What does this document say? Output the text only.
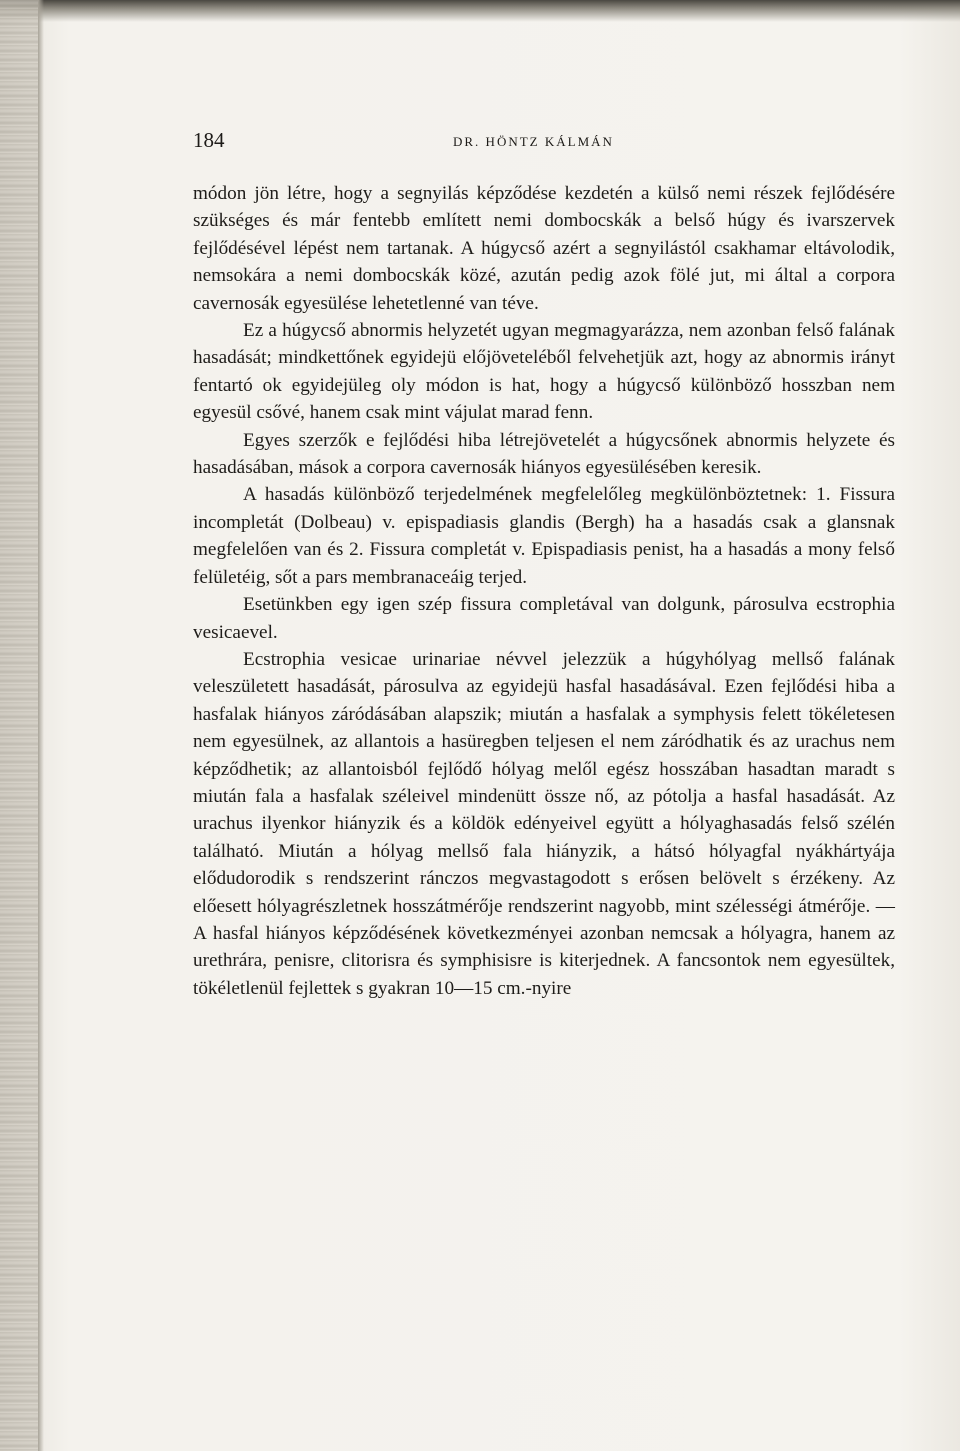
184	DR. HÖNTZ KÁLMÁN

módon jön létre, hogy a segnyilás képződése kezdetén a külső nemi részek fejlődésére szükséges és már fentebb említett nemi dombocskák a belső húgy és ivarszervek fejlődésével lépést nem tartanak. A húgycső azért a segnyilástól csakhamar eltávolodik, nemsokára a nemi dombocskák közé, azután pedig azok fölé jut, mi által a corpora cavernosák egyesülése lehetetlenné van téve.

Ez a húgycső abnormis helyzetét ugyan megmagyarázza, nem azonban felső falának hasadását; mindkettőnek egyidejü előjöveteléből felvehetjük azt, hogy az abnormis irányt fentartó ok egyidejüleg oly módon is hat, hogy a húgycső különböző hosszban nem egyesül csővé, hanem csak mint vájulat marad fenn.

Egyes szerzők e fejlődési hiba létrejövetelét a húgycsőnek abnormis helyzete és hasadásában, mások a corpora cavernosák hiányos egyesülésében keresik.

A hasadás különböző terjedelmének megfelelőleg megkülönböztetnek: 1. Fissura incompletát (Dolbeau) v. epispadiasis glandis (Bergh) ha a hasadás csak a glansnak megfelelően van és 2. Fissura completát v. Epispadiasis penist, ha a hasadás a mony felső felületéig, sőt a pars membranaceáig terjed.

Esetünkben egy igen szép fissura completával van dolgunk, párosulva ecstrophia vesicaevel.

Ecstrophia vesicae urinariae névvel jelezzük a húgyhólyag mellső falának veleszületett hasadását, párosulva az egyidejü hasfal hasadásával. Ezen fejlődési hiba a hasfalak hiányos záródásában alapszik; miután a hasfalak a symphysis felett tökéletesen nem egyesülnek, az allantois a hasüregben teljesen el nem záródhatik és az urachus nem képződhetik; az allantoisból fejlődő hólyag melől egész hosszában hasadtan maradt s miután fala a hasfalak széleivel mindenütt össze nő, az pótolja a hasfal hasadását. Az urachus ilyenkor hiányzik és a köldök edényeivel együtt a hólyaghasadás felső szélén található. Miután a hólyag mellső fala hiányzik, a hátsó hólyagfal nyákhártyája elődudorodik s rendszerint ránczos megvastagodott s erősen belövelt s érzékeny. Az előesett hólyagrészletnek hosszátmérője rendszerint nagyobb, mint szélességi átmérője. — A hasfal hiányos képződésének következményei azonban nemcsak a hólyagra, hanem az urethrára, penisre, clitorisra és symphisisre is kiterjednek. A fancsontok nem egyesültek, tökéletlenül fejlettek s gyakran 10—15 cm.-nyire
